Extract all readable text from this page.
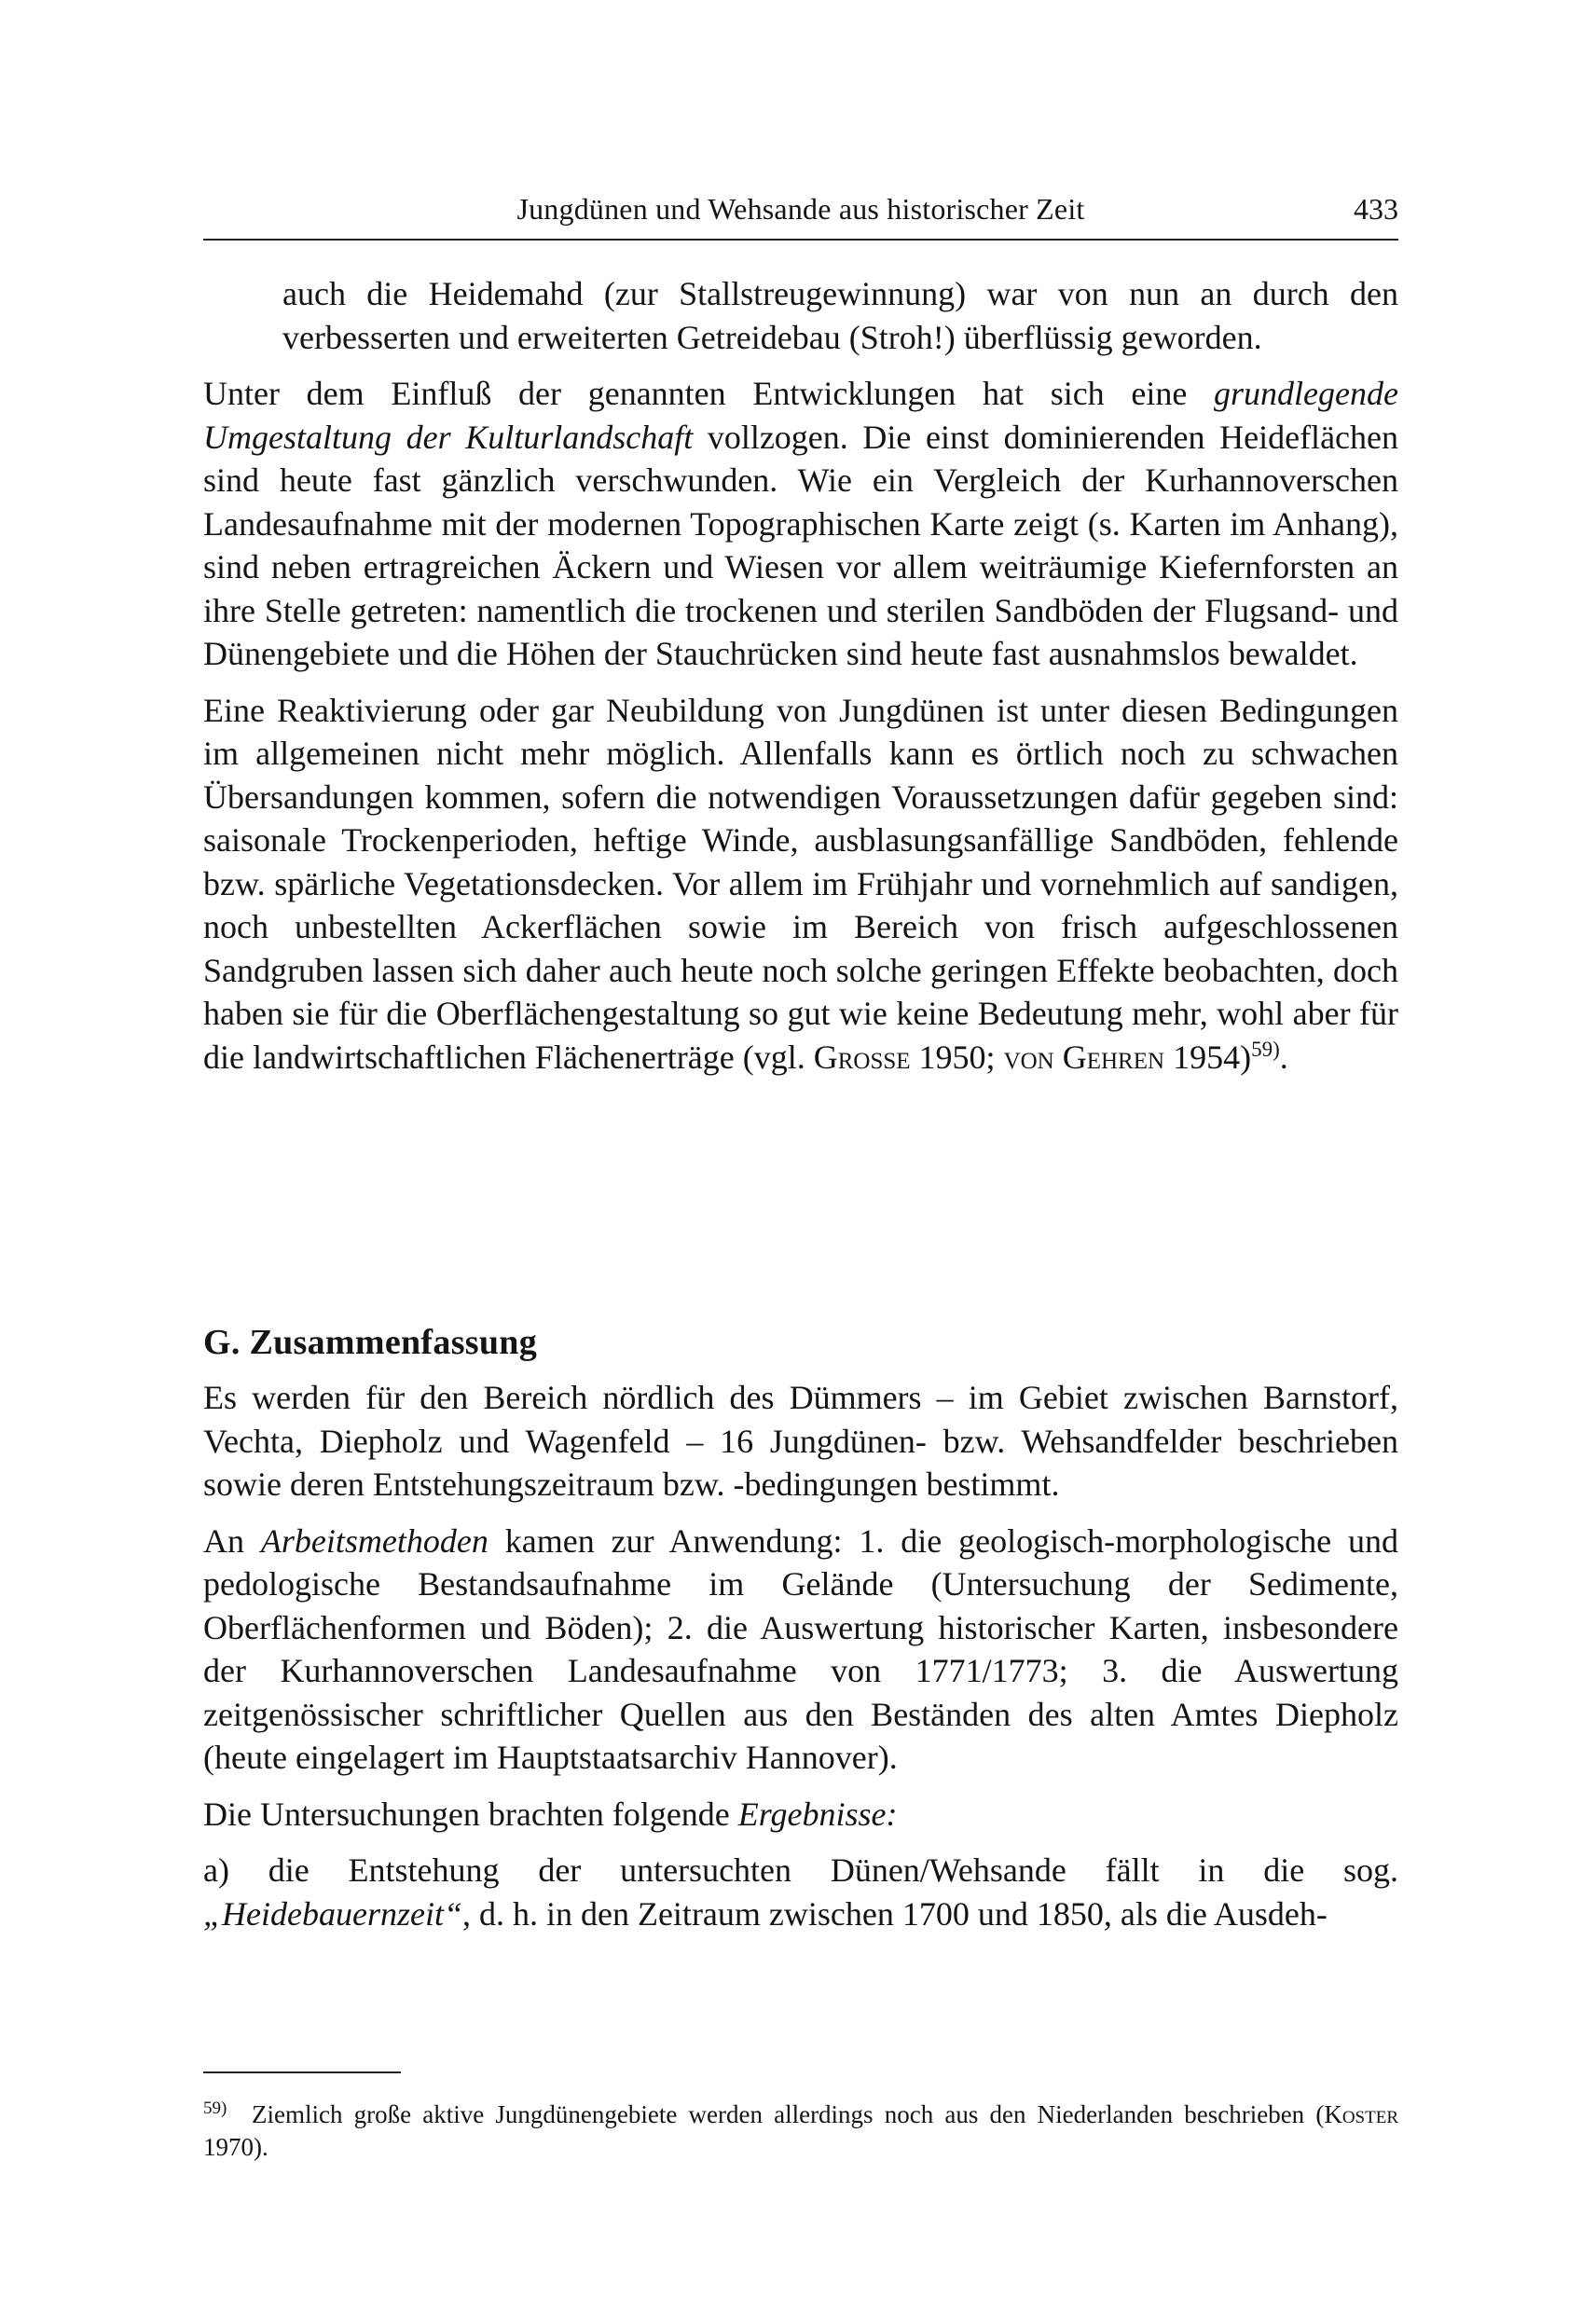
Jungdünen und Wehsande aus historischer Zeit	433

auch die Heidemahd (zur Stallstreugewinnung) war von nun an durch den verbesserten und erweiterten Getreidebau (Stroh!) überflüssig geworden.

Unter dem Einfluß der genannten Entwicklungen hat sich eine grundlegende Umgestaltung der Kulturlandschaft vollzogen. Die einst dominierenden Heideflächen sind heute fast gänzlich verschwunden. Wie ein Vergleich der Kurhannoverschen Landesaufnahme mit der modernen Topographischen Karte zeigt (s. Karten im Anhang), sind neben ertragreichen Äckern und Wiesen vor allem weiträumige Kiefernforsten an ihre Stelle getreten: namentlich die trockenen und sterilen Sandböden der Flugsand- und Dünengebiete und die Höhen der Stauchrücken sind heute fast ausnahmslos bewaldet.

Eine Reaktivierung oder gar Neubildung von Jungdünen ist unter diesen Bedingungen im allgemeinen nicht mehr möglich. Allenfalls kann es örtlich noch zu schwachen Übersandungen kommen, sofern die notwendigen Voraussetzungen dafür gegeben sind: saisonale Trockenperioden, heftige Winde, ausblasungsanfällige Sandböden, fehlende bzw. spärliche Vegetationsdecken. Vor allem im Frühjahr und vornehmlich auf sandigen, noch unbestellten Ackerflächen sowie im Bereich von frisch aufgeschlossenen Sandgruben lassen sich daher auch heute noch solche geringen Effekte beobachten, doch haben sie für die Oberflächengestaltung so gut wie keine Bedeutung mehr, wohl aber für die landwirtschaftlichen Flächenerträge (vgl. Grosse 1950; von Gehren 1954)$^{59)}$.

G. Zusammenfassung

Es werden für den Bereich nördlich des Dümmers – im Gebiet zwischen Barnstorf, Vechta, Diepholz und Wagenfeld – 16 Jungdünen- bzw. Wehsandfelder beschrieben sowie deren Entstehungszeitraum bzw. -bedingungen bestimmt.

An Arbeitsmethoden kamen zur Anwendung: 1. die geologisch-morphologische und pedologische Bestandsaufnahme im Gelände (Untersuchung der Sedimente, Oberflächenformen und Böden); 2. die Auswertung historischer Karten, insbesondere der Kurhannoverschen Landesaufnahme von 1771/1773; 3. die Auswertung zeitgenössischer schriftlicher Quellen aus den Beständen des alten Amtes Diepholz (heute eingelagert im Hauptstaatsarchiv Hannover).

Die Untersuchungen brachten folgende Ergebnisse:

a) die Entstehung der untersuchten Dünen/Wehsande fällt in die sog. „Heidebauernzeit“, d. h. in den Zeitraum zwischen 1700 und 1850, als die Ausdeh-

$^{59)}$ Ziemlich große aktive Jungdünengebiete werden allerdings noch aus den Niederlanden beschrieben (Koster 1970).
